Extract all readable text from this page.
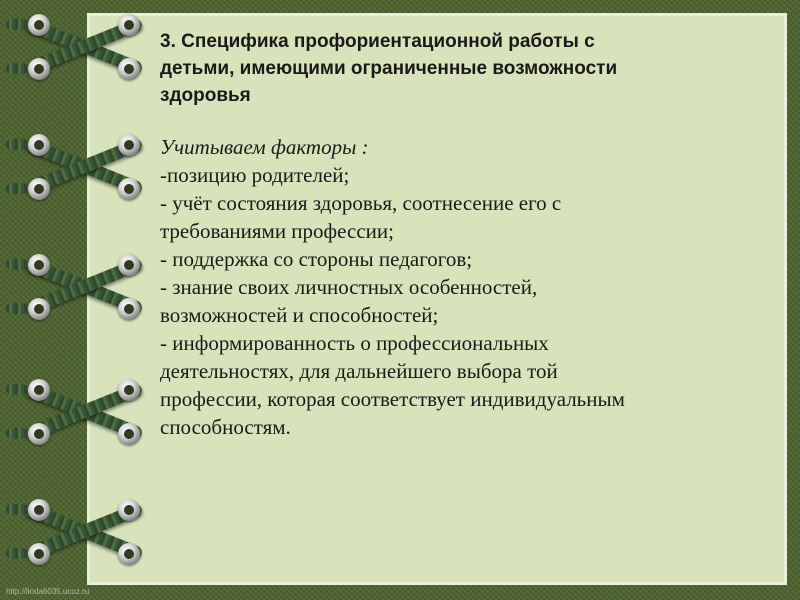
3. Специфика профориентационной работы с
детьми, имеющими ограниченные возможности
здоровья

Учитываем факторы :

-позицию родителей;

- учёт состояния здоровья, соотнесение его с

требованиями профессии;

- поддержка со стороны педагогов;

- знание своих личностных особенностей,

возможностей и способностей;

- информированность о профессиональных

деятельностях, для дальнейшего выбора той

профессии, которая соответствует индивидуальным

способностям.

http://linda6035.ucoz.ru
